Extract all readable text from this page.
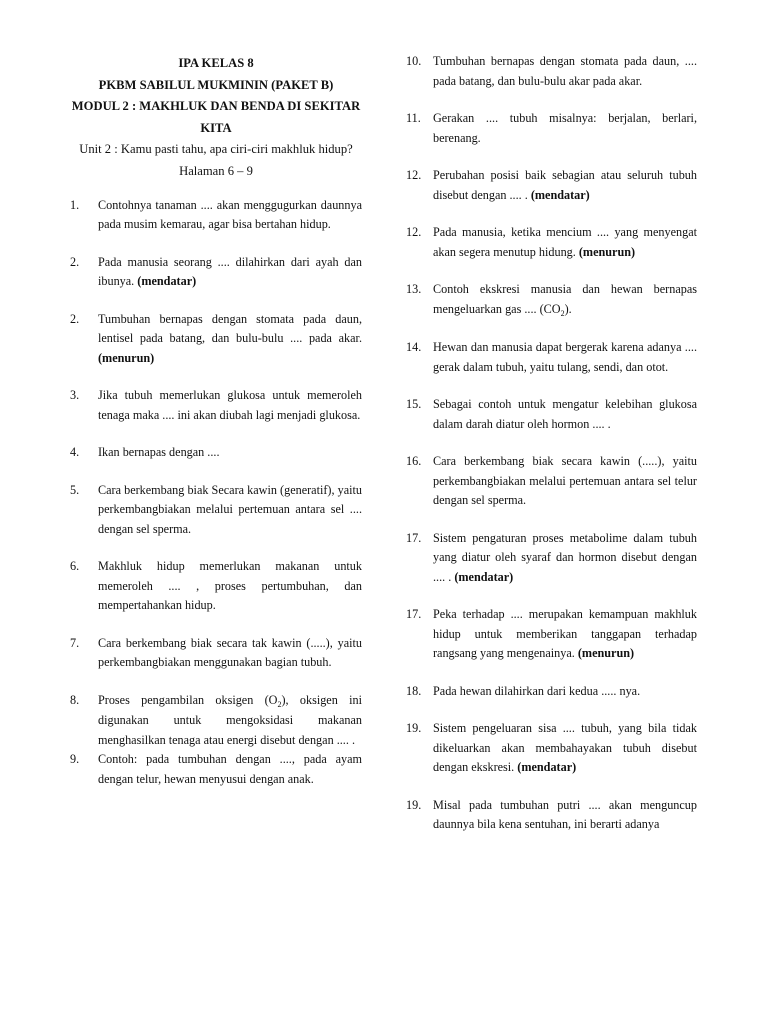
IPA KELAS 8
PKBM SABILUL MUKMININ (PAKET B)
MODUL 2 : MAKHLUK DAN BENDA DI SEKITAR KITA
Unit 2 : Kamu pasti tahu, apa ciri-ciri makhluk hidup?
Halaman 6 – 9
1.	Contohnya tanaman .... akan menggugurkan daunnya pada musim kemarau, agar bisa bertahan hidup.
2.	Pada manusia seorang .... dilahirkan dari ayah dan ibunya. (mendatar)
2.	Tumbuhan bernapas dengan stomata pada daun, lentisel pada batang, dan bulu-bulu .... pada akar. (menurun)
3.	Jika tubuh memerlukan glukosa untuk memeroleh tenaga maka .... ini akan diubah lagi menjadi glukosa.
4.	Ikan bernapas dengan ....
5.	Cara berkembang biak Secara kawin (generatif), yaitu perkembangbiakan melalui pertemuan antara sel .... dengan sel sperma.
6.	Makhluk hidup memerlukan makanan untuk memeroleh .... , proses pertumbuhan, dan mempertahankan hidup.
7.	Cara berkembang biak secara tak kawin (.....), yaitu perkembangbiakan menggunakan bagian tubuh.
8.	Proses pengambilan oksigen $(O_2)$, oksigen ini digunakan untuk mengoksidasi makanan menghasilkan tenaga atau energi disebut dengan .... .
9.	Contoh: pada tumbuhan dengan ...., pada ayam dengan telur, hewan menyusui dengan anak.
10. Tumbuhan bernapas dengan stomata pada daun, .... pada batang, dan bulu-bulu akar pada akar.
11.	Gerakan .... tubuh misalnya: berjalan, berlari, berenang.
12. Perubahan posisi baik sebagian atau seluruh tubuh disebut dengan .... . (mendatar)
12. Pada manusia, ketika mencium .... yang menyengat akan segera menutup hidung. (menurun)
13. Contoh ekskresi manusia dan hewan bernapas mengeluarkan gas .... $(CO_2)$.
14. Hewan dan manusia dapat bergerak karena adanya .... gerak dalam tubuh, yaitu tulang, sendi, dan otot.
15. Sebagai contoh untuk mengatur kelebihan glukosa dalam darah diatur oleh hormon .... .
16. Cara berkembang biak secara kawin (.....), yaitu perkembangbiakan melalui pertemuan antara sel telur dengan sel sperma.
17. Sistem pengaturan proses metabolime dalam tubuh yang diatur oleh syaraf dan hormon disebut dengan .... . (mendatar)
17. Peka terhadap .... merupakan kemampuan makhluk hidup untuk memberikan tanggapan terhadap rangsang yang mengenainya. (menurun)
18. Pada hewan dilahirkan dari kedua ..... nya.
19. Sistem pengeluaran sisa .... tubuh, yang bila tidak dikeluarkan akan membahayakan tubuh disebut dengan ekskresi. (mendatar)
19. Misal pada tumbuhan putri .... akan menguncup daunnya bila kena sentuhan, ini berarti adanya
